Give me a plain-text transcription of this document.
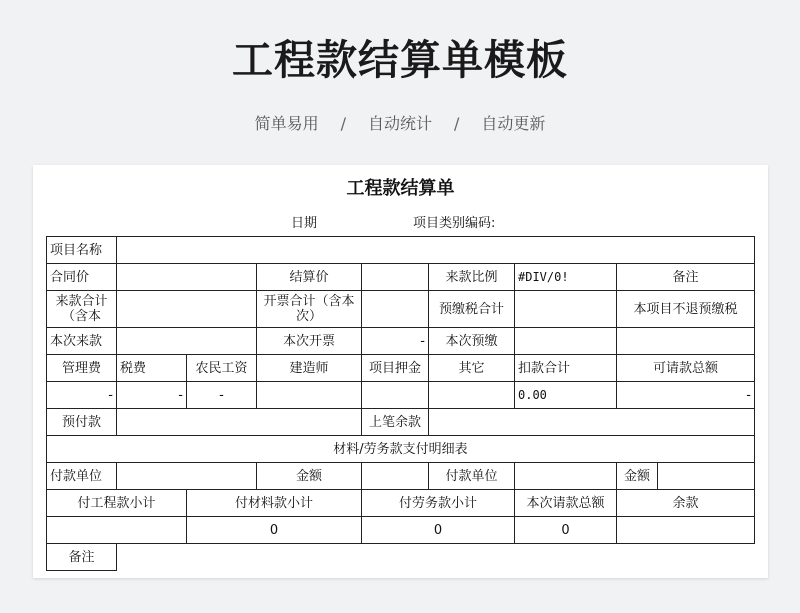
工程款结算单模板
简单易用 / 自动统计 / 自动更新
工程款结算单
日期	项目类别编码:
项目名称							
合同价			结算价		来款比例	#DIV/0!	备注
来款合计（含本			开票合计（含本次）		预缴税合计		本项目不退预缴税
本次来款			本次开票	-	本次预缴		
管理费	税费	农民工资	建造师	项目押金	其它	扣款合计	可请款总额
-	-	-				0.00	-
预付款				上笔余款			
材料/劳务款支付明细表							
付款单位			金额		付款单位		金额

付工程款小计		付材料款小计		付劳务款小计		本次请款总额	余款
		0		0		0	
备注							
